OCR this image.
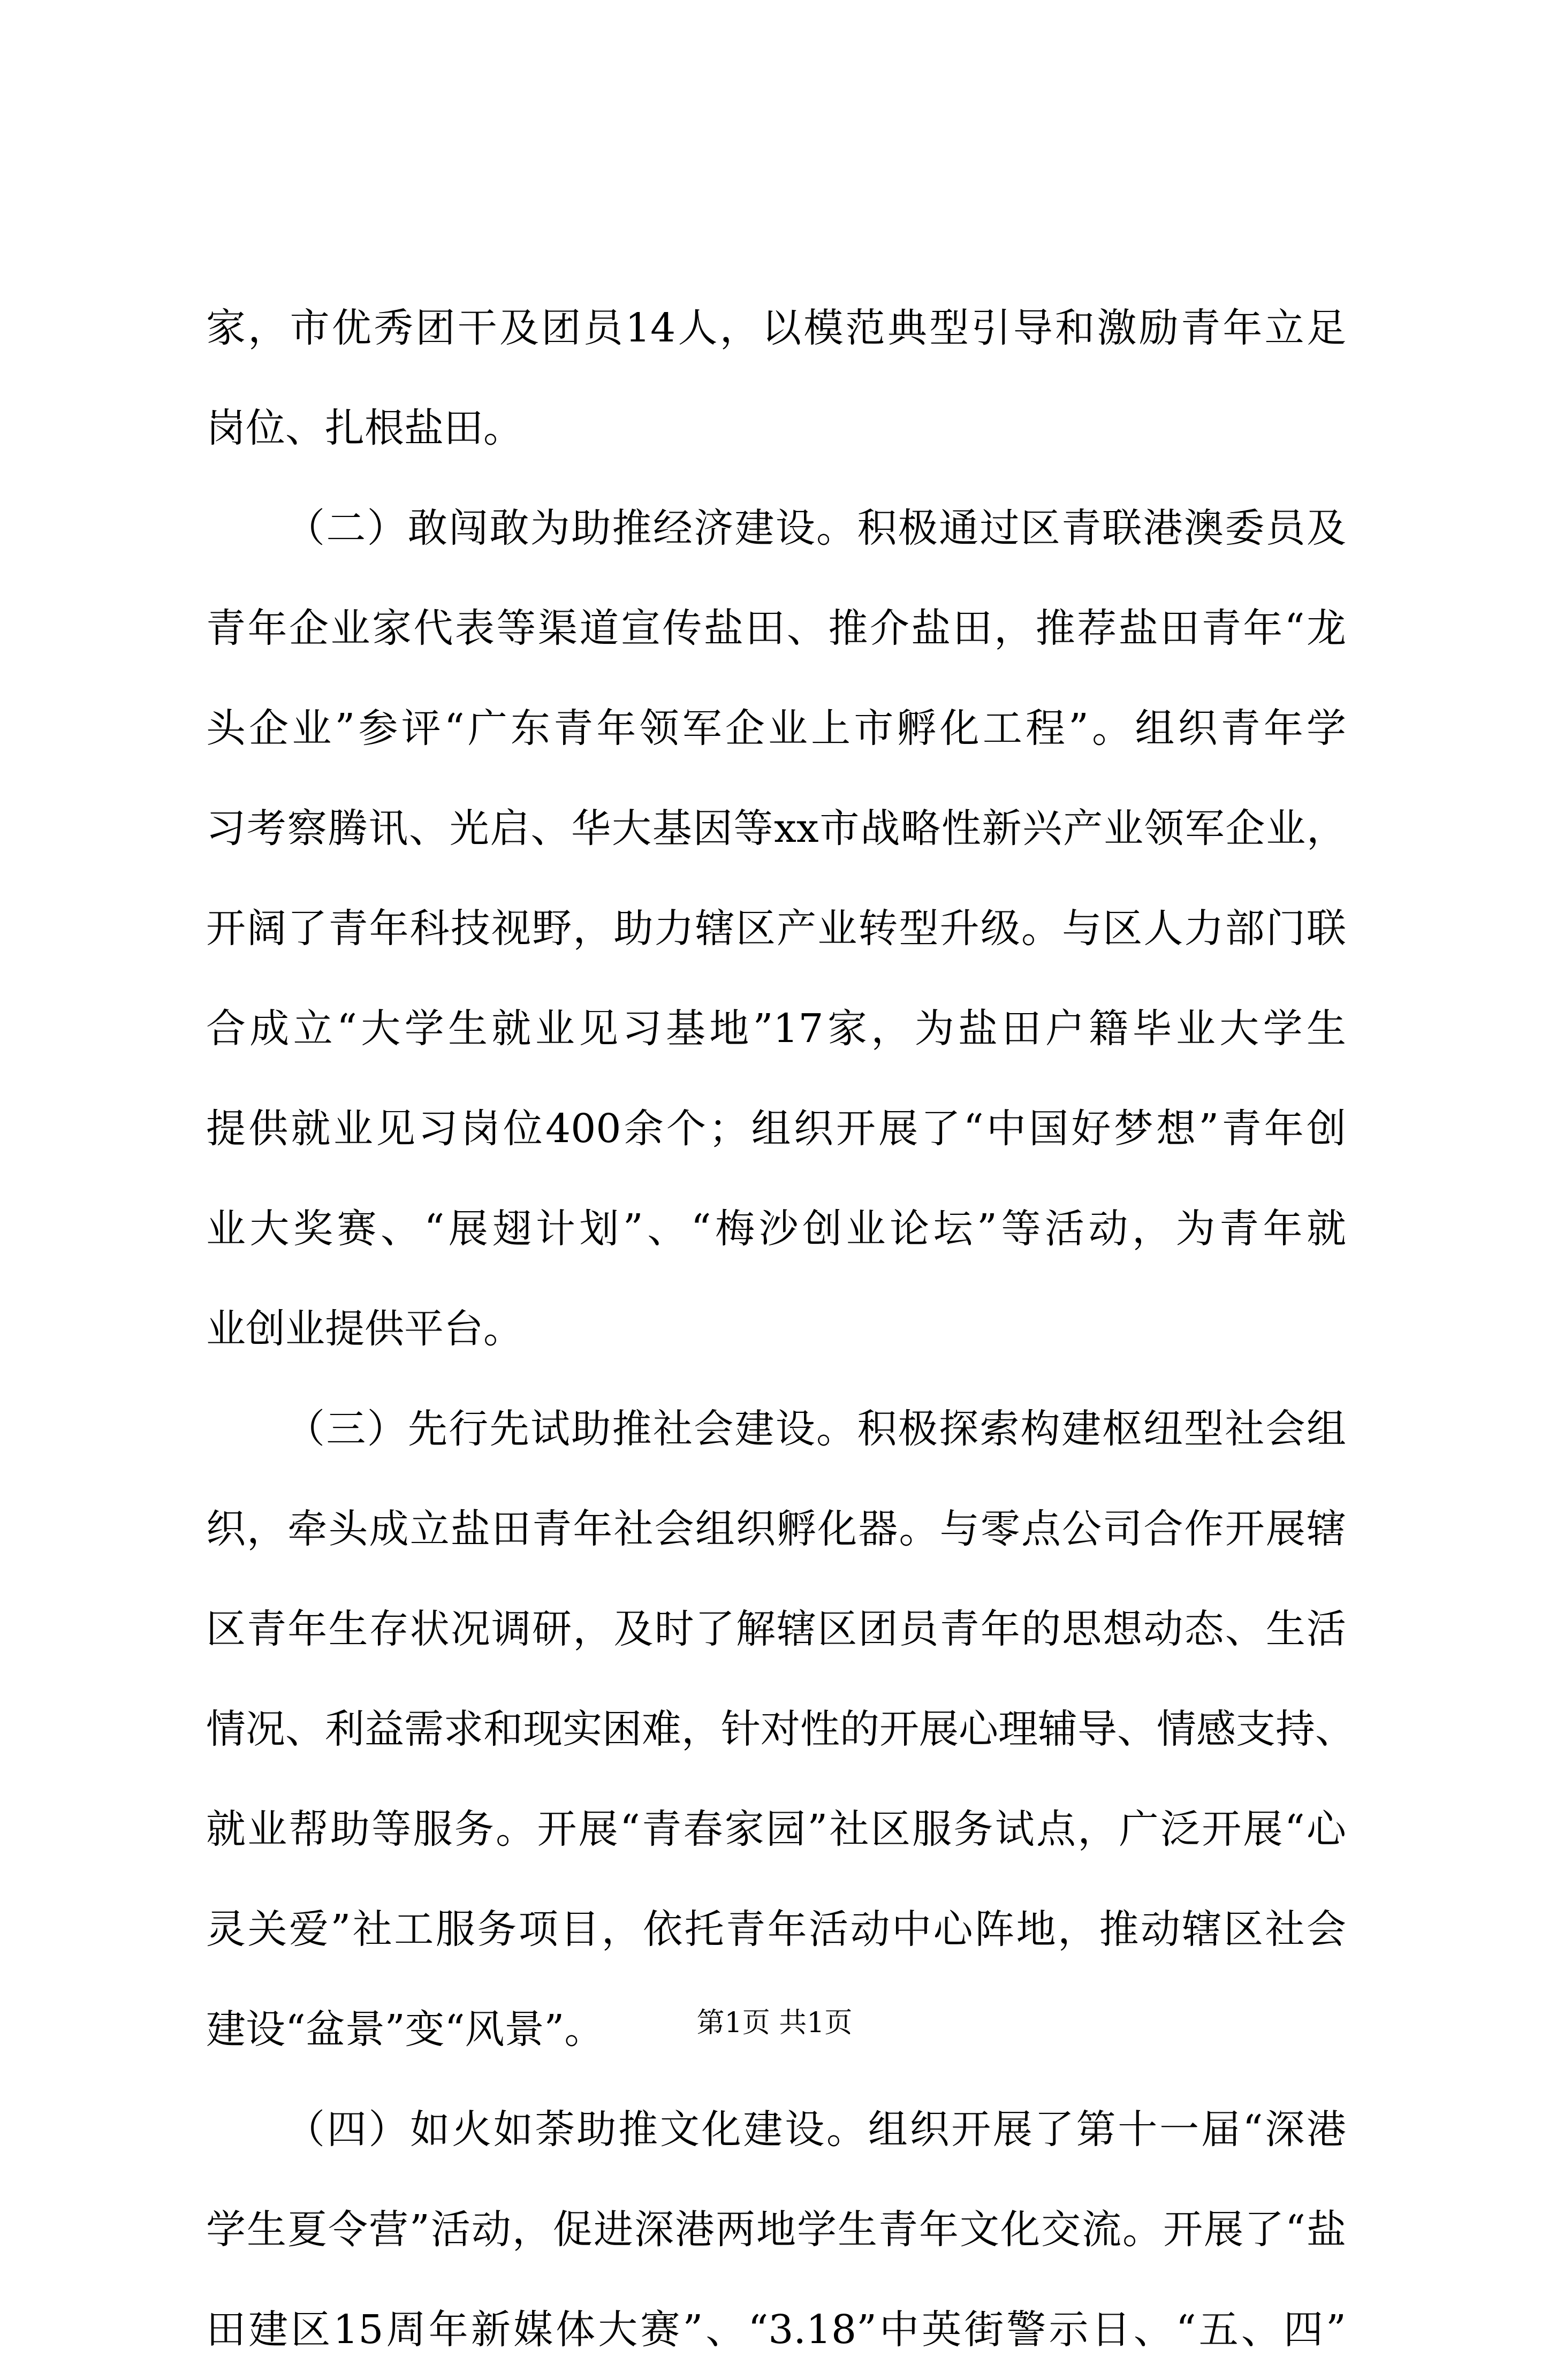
家，市优秀团干及团员14人，以模范典型引导和激励青年立足
岗位、扎根盐田。
（二）敢闯敢为助推经济建设。积极通过区青联港澳委员及
青年企业家代表等渠道宣传盐田、推介盐田，推荐盐田青年“龙
头企业”参评“广东青年领军企业上市孵化工程”。组织青年学
习考察腾讯、光启、华大基因等xx市战略性新兴产业领军企业，
开阔了青年科技视野，助力辖区产业转型升级。与区人力部门联
合成立“大学生就业见习基地”17家，为盐田户籍毕业大学生
提供就业见习岗位400余个；组织开展了“中国好梦想”青年创
业大奖赛、“展翅计划”、“梅沙创业论坛”等活动，为青年就
业创业提供平台。
（三）先行先试助推社会建设。积极探索构建枢纽型社会组
织，牵头成立盐田青年社会组织孵化器。与零点公司合作开展辖
区青年生存状况调研，及时了解辖区团员青年的思想动态、生活
情况、利益需求和现实困难，针对性的开展心理辅导、情感支持、
就业帮助等服务。开展“青春家园”社区服务试点，广泛开展“心
灵关爱”社工服务项目，依托青年活动中心阵地，推动辖区社会
建设“盆景”变“风景”。
（四）如火如荼助推文化建设。组织开展了第十一届“深港
学生夏令营”活动，促进深港两地学生青年文化交流。开展了“盐
田建区15周年新媒体大赛”、“3.18”中英街警示日、“五、四”
第1页 共1页
